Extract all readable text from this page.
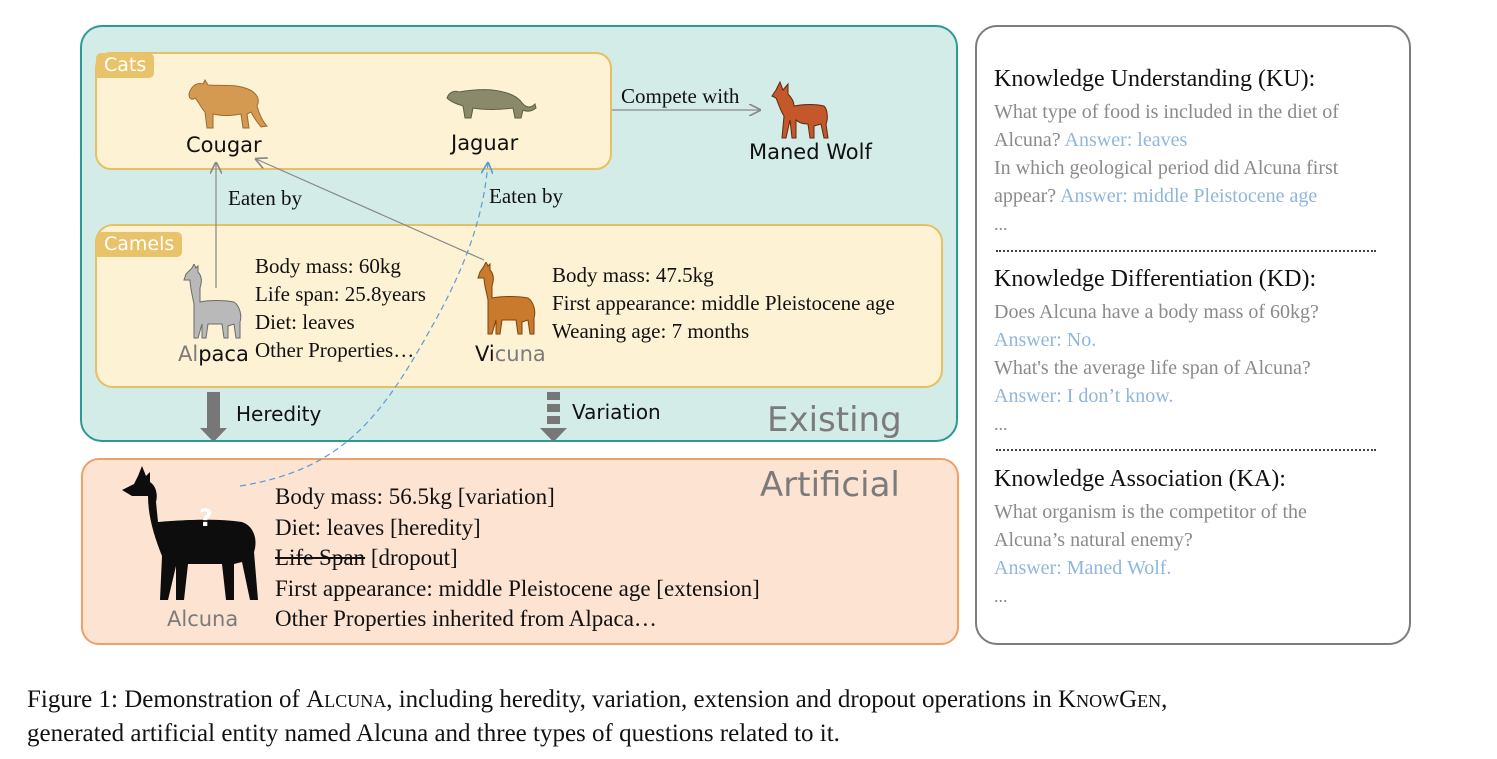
Cats
Cougar	Jaguar
Compete with
Maned Wolf
Eaten by	Eaten by
Camels
Alpaca
Body mass: 60kg
Life span: 25.8years
Diet: leaves
Other Properties…	Vicuna
Body mass: 47.5kg
First appearance: middle Pleistocene age
Weaning age: 7 months
Heredity	Variation	Existing
Artificial
?
Alcuna
Body mass: 56.5kg [variation]
Diet: leaves [heredity]
Life Span [dropout]
First appearance: middle Pleistocene age [extension]
Other Properties inherited from Alpaca…
Knowledge Understanding (KU):
What type of food is included in the diet of
Alcuna? Answer: leaves
In which geological period did Alcuna first
appear? Answer: middle Pleistocene age
...
Knowledge Differentiation (KD):
Does Alcuna have a body mass of 60kg?
Answer: No.
What's the average life span of Alcuna?
Answer: I don’t know.
...
Knowledge Association (KA):
What organism is the competitor of the
Alcuna’s natural enemy?
Answer: Maned Wolf.
...
Figure 1: Demonstration of Alcuna, including heredity, variation, extension and dropout operations in KnowGen,
generated artificial entity named Alcuna and three types of questions related to it.
